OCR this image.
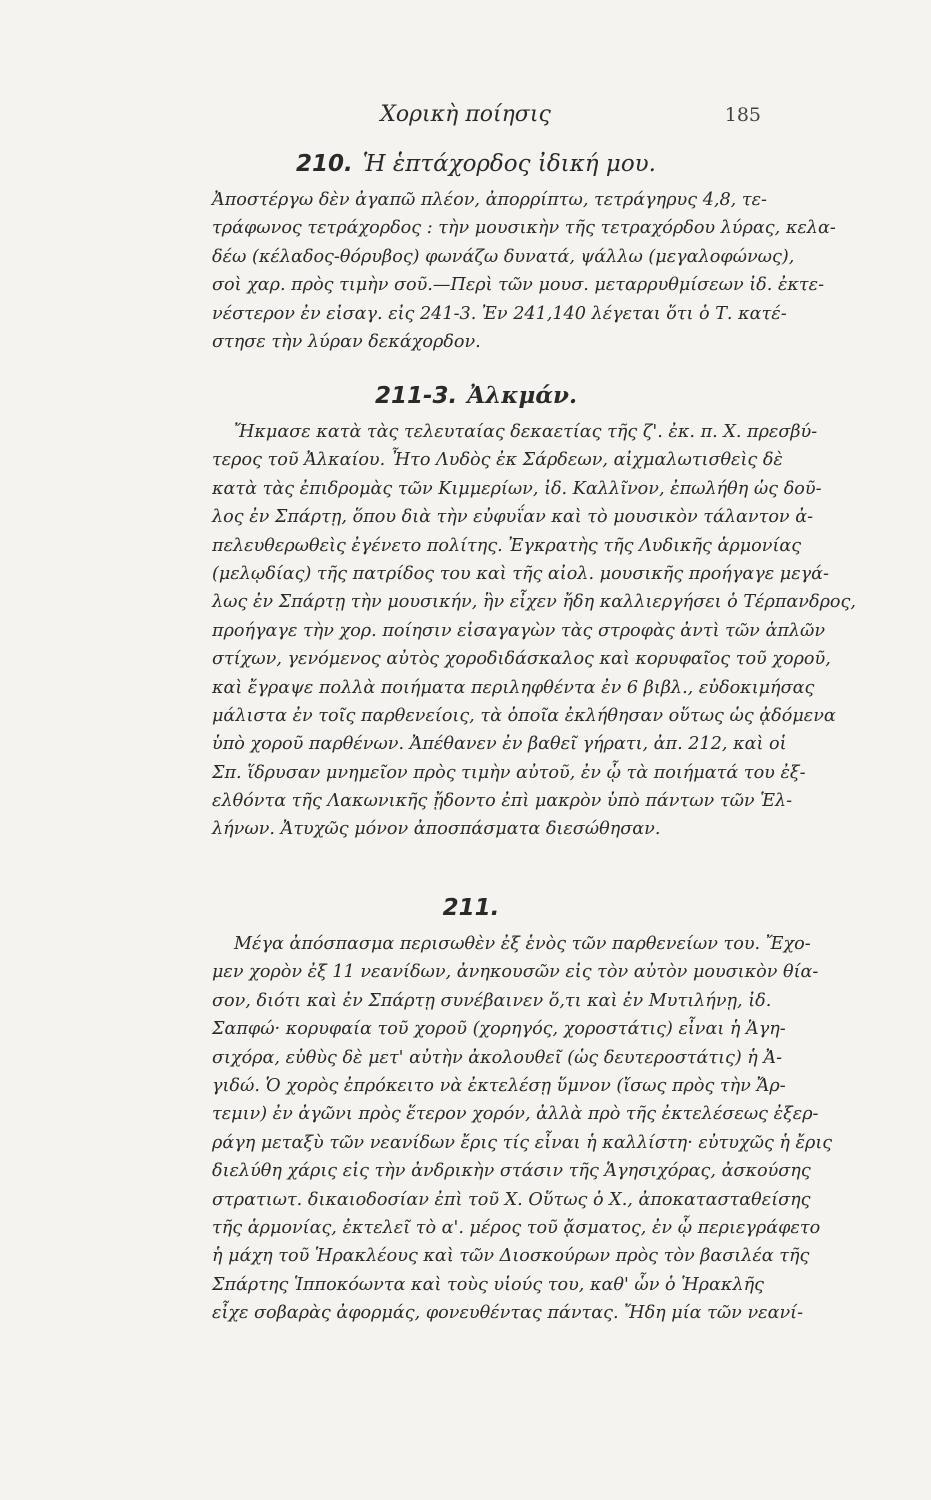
Χορικὴ ποίησις	185
210. Ἡ ἑπτάχορδος ἰδική μου.
Ἀποστέργω δὲν ἀγαπῶ πλέον, ἀπορρίπτω, τετράγηρυς 4,8, τε-
τράφωνος τετράχορδος : τὴν μουσικὴν τῆς τετραχόρδου λύρας, κελα-
δέω (κέλαδος-θόρυβος) φωνάζω δυνατά, ψάλλω (μεγαλοφώνως),
σοὶ χαρ. πρὸς τιμὴν σοῦ.—Περὶ τῶν μουσ. μεταρρυθμίσεων ἰδ. ἐκτε-
νέστερον ἐν εἰσαγ. εἰς 241-3. Ἐν 241,140 λέγεται ὅτι ὁ Τ. κατέ-
στησε τὴν λύραν δεκάχορδον.
211-3. Ἀλκμάν.
Ἤκμασε κατὰ τὰς τελευταίας δεκαετίας τῆς ζ'. ἐκ. π. Χ. πρεσβύ-
τερος τοῦ Ἀλκαίου. Ἦτο Λυδὸς ἐκ Σάρδεων, αἰχμαλωτισθεὶς δὲ
κατὰ τὰς ἐπιδρομὰς τῶν Κιμμερίων, ἰδ. Καλλῖνον, ἐπωλήθη ὡς δοῦ-
λος ἐν Σπάρτῃ, ὅπου διὰ τὴν εὐφυΐαν καὶ τὸ μουσικὸν τάλαντον ἀ-
πελευθερωθεὶς ἐγένετο πολίτης. Ἐγκρατὴς τῆς Λυδικῆς ἁρμονίας
(μελῳδίας) τῆς πατρίδος του καὶ τῆς αἰολ. μουσικῆς προήγαγε μεγά-
λως ἐν Σπάρτῃ τὴν μουσικήν, ἣν εἶχεν ἤδη καλλιεργήσει ὁ Τέρπανδρος,
προήγαγε τὴν χορ. ποίησιν εἰσαγαγὼν τὰς στροφὰς ἀντὶ τῶν ἁπλῶν
στίχων, γενόμενος αὐτὸς χοροδιδάσκαλος καὶ κορυφαῖος τοῦ χοροῦ,
καὶ ἔγραψε πολλὰ ποιήματα περιληφθέντα ἐν 6 βιβλ., εὐδοκιμήσας
μάλιστα ἐν τοῖς παρθενείοις, τὰ ὁποῖα ἐκλήθησαν οὕτως ὡς ᾀδόμενα
ὑπὸ χοροῦ παρθένων. Ἀπέθανεν ἐν βαθεῖ γήρατι, ἀπ. 212, καὶ οἱ
Σπ. ἵδρυσαν μνημεῖον πρὸς τιμὴν αὐτοῦ, ἐν ᾧ τὰ ποιήματά του ἐξ-
ελθόντα τῆς Λακωνικῆς ᾔδοντο ἐπὶ μακρὸν ὑπὸ πάντων τῶν Ἑλ-
λήνων. Ἀτυχῶς μόνον ἀποσπάσματα διεσώθησαν.
211.
Μέγα ἀπόσπασμα περισωθὲν ἐξ ἑνὸς τῶν παρθενείων του. Ἔχο-
μεν χορὸν ἐξ 11 νεανίδων, ἀνηκουσῶν εἰς τὸν αὐτὸν μουσικὸν θία-
σον, διότι καὶ ἐν Σπάρτῃ συνέβαινεν ὅ,τι καὶ ἐν Μυτιλήνῃ, ἰδ.
Σαπφώ· κορυφαία τοῦ χοροῦ (χορηγός, χοροστάτις) εἶναι ἡ Ἁγη-
σιχόρα, εὐθὺς δὲ μετ' αὐτὴν ἀκολουθεῖ (ὡς δευτεροστάτις) ἡ Ἀ-
γιδώ. Ὁ χορὸς ἐπρόκειτο νὰ ἐκτελέσῃ ὕμνον (ἴσως πρὸς τὴν Ἄρ-
τεμιν) ἐν ἀγῶνι πρὸς ἕτερον χορόν, ἀλλὰ πρὸ τῆς ἐκτελέσεως ἐξερ-
ράγη μεταξὺ τῶν νεανίδων ἔρις τίς εἶναι ἡ καλλίστη· εὐτυχῶς ἡ ἔρις
διελύθη χάρις εἰς τὴν ἀνδρικὴν στάσιν τῆς Ἁγησιχόρας, ἀσκούσης
στρατιωτ. δικαιοδοσίαν ἐπὶ τοῦ Χ. Οὕτως ὁ Χ., ἀποκατασταθείσης
τῆς ἁρμονίας, ἐκτελεῖ τὸ α'. μέρος τοῦ ᾄσματος, ἐν ᾧ περιεγράφετο
ἡ μάχη τοῦ Ἡρακλέους καὶ τῶν Διοσκούρων πρὸς τὸν βασιλέα τῆς
Σπάρτης Ἱπποκόωντα καὶ τοὺς υἱούς του, καθ' ὧν ὁ Ἡρακλῆς
εἶχε σοβαρὰς ἀφορμάς, φονευθέντας πάντας. Ἤδη μία τῶν νεανί-
